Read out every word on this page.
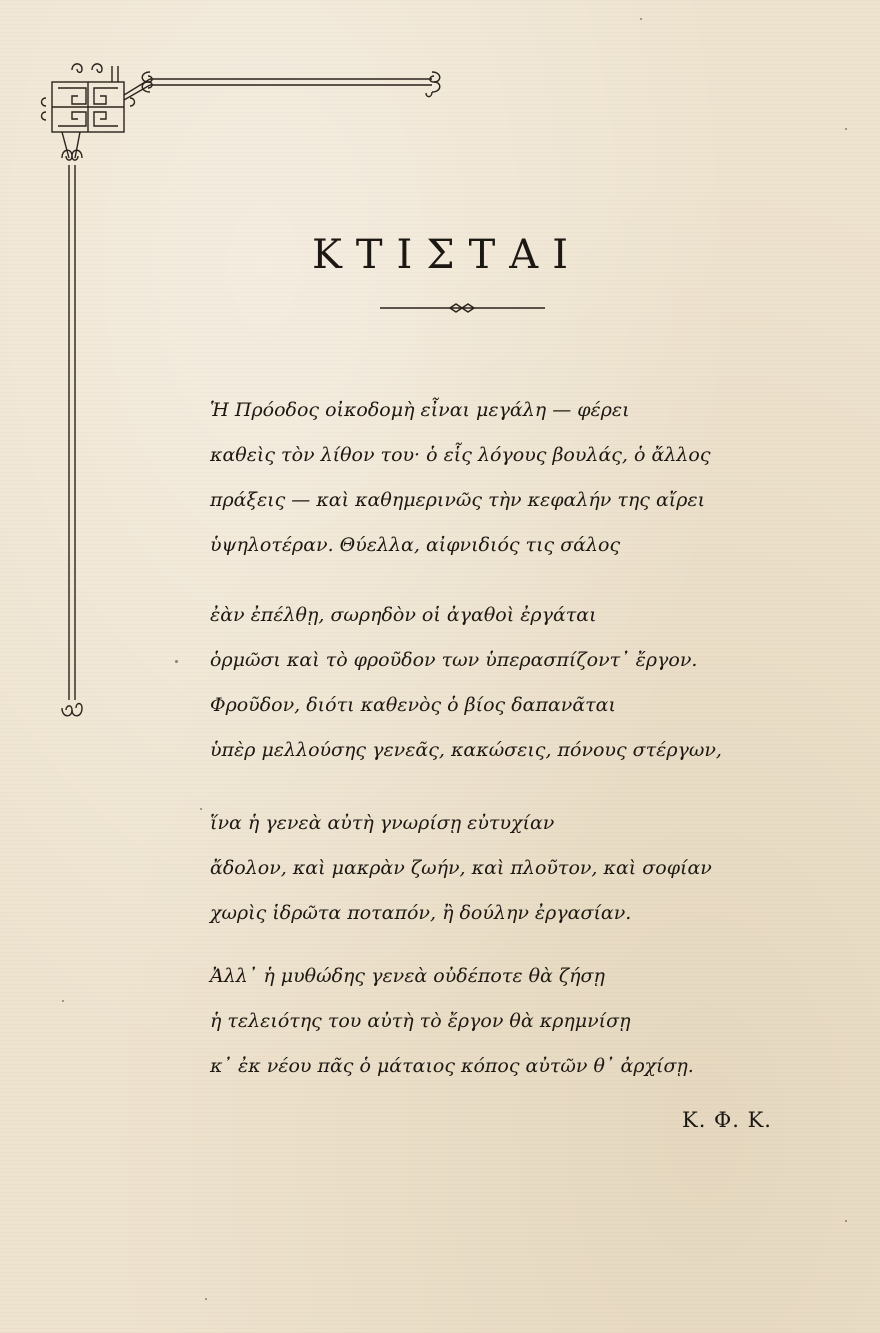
ΚΤΙΣΤΑΙ
Ἡ Πρόοδος οἰκοδομὴ εἶναι μεγάλη — φέρει
καθεὶς τὸν λίθον του· ὁ εἷς λόγους βουλάς, ὁ ἄλλος
πράξεις — καὶ καθημερινῶς τὴν κεφαλήν της αἴρει
ὑψηλοτέραν. Θύελλα, αἰφνιδιός τις σάλος
ἐὰν ἐπέλθῃ, σωρηδὸν οἱ ἀγαθοὶ ἐργάται
ὁρμῶσι καὶ τὸ φροῦδον των ὑπερασπίζοντ᾽ ἔργον.
Φροῦδον, διότι καθενὸς ὁ βίος δαπανᾶται
ὑπὲρ μελλούσης γενεᾶς, κακώσεις, πόνους στέργων,
ἵνα ἡ γενεὰ αὐτὴ γνωρίσῃ εὐτυχίαν
ἄδολον, καὶ μακρὰν ζωήν, καὶ πλοῦτον, καὶ σοφίαν
χωρὶς ἱδρῶτα ποταπόν, ἢ δούλην ἐργασίαν.
Ἀλλ᾽ ἡ μυθώδης γενεὰ οὐδέποτε θὰ ζήσῃ
ἡ τελειότης του αὐτὴ τὸ ἔργον θὰ κρημνίσῃ
κ᾽ ἐκ νέου πᾶς ὁ μάταιος κόπος αὐτῶν θ᾽ ἀρχίσῃ.
Κ. Φ. Κ.
